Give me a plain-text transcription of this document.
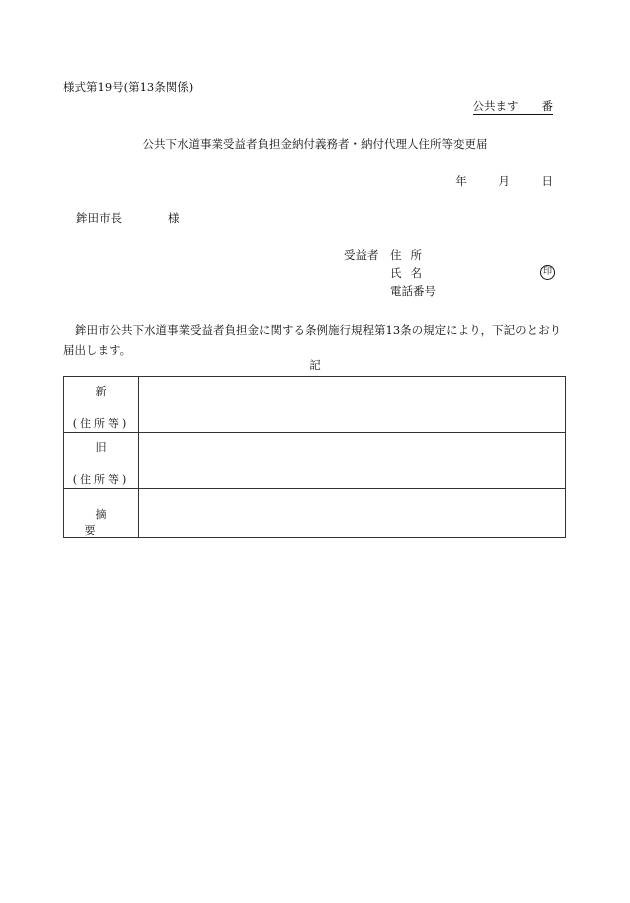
様式第19号(第13条関係)
公共ます　　番
公共下水道事業受益者負担金納付義務者・納付代理人住所等変更届
年	月	日
鉾田市長	様
受益者 住所
氏名
電話番号
印
鉾田市公共下水道事業受益者負担金に関する条例施行規程第13条の規定により，下記のとおり届出します。
記
新
(住所等)	

旧
(住所等)	

摘要	
